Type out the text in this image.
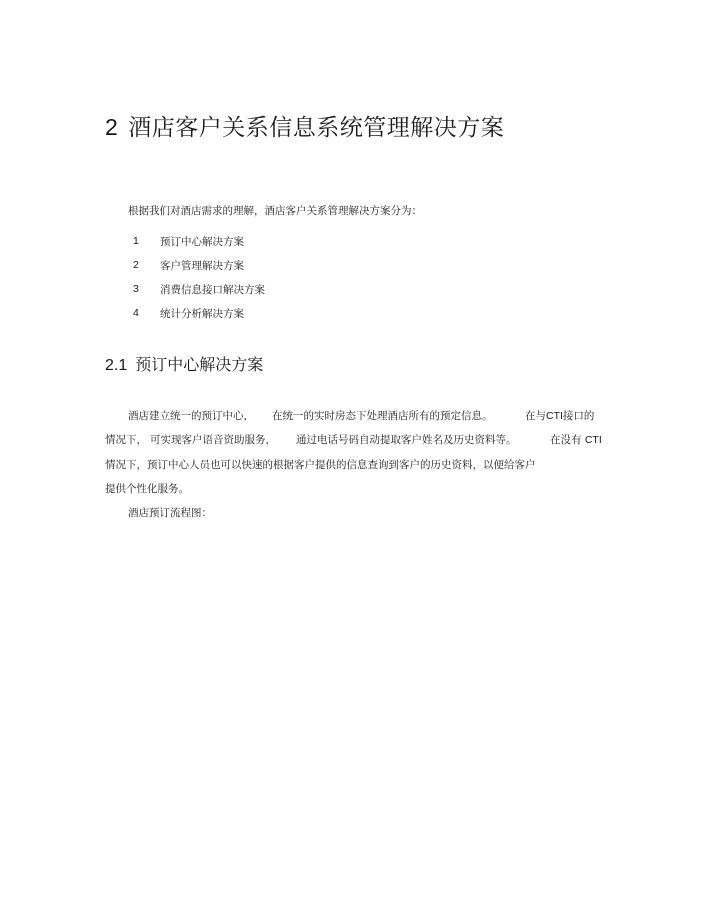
2 酒店客户关系信息系统管理解决方案
根据我们对酒店需求的理解，酒店客户关系管理解决方案分为：
1	预订中心解决方案
2	客户管理解决方案
3	消费信息接口解决方案
4	统计分析解决方案
2.1 预订中心解决方案
酒店建立统一的预订中心， 在统一的实时房态下处理酒店所有的预定信息。	在与CTI接口的
情况下， 可实现客户语音资助服务， 通过电话号码自动提取客户姓名及历史资料等。	在没有 CTI
情况下，预订中心人员也可以快速的根据客户提供的信息查询到客户的历史资料，以便给客户
提供个性化服务。
酒店预订流程图：
